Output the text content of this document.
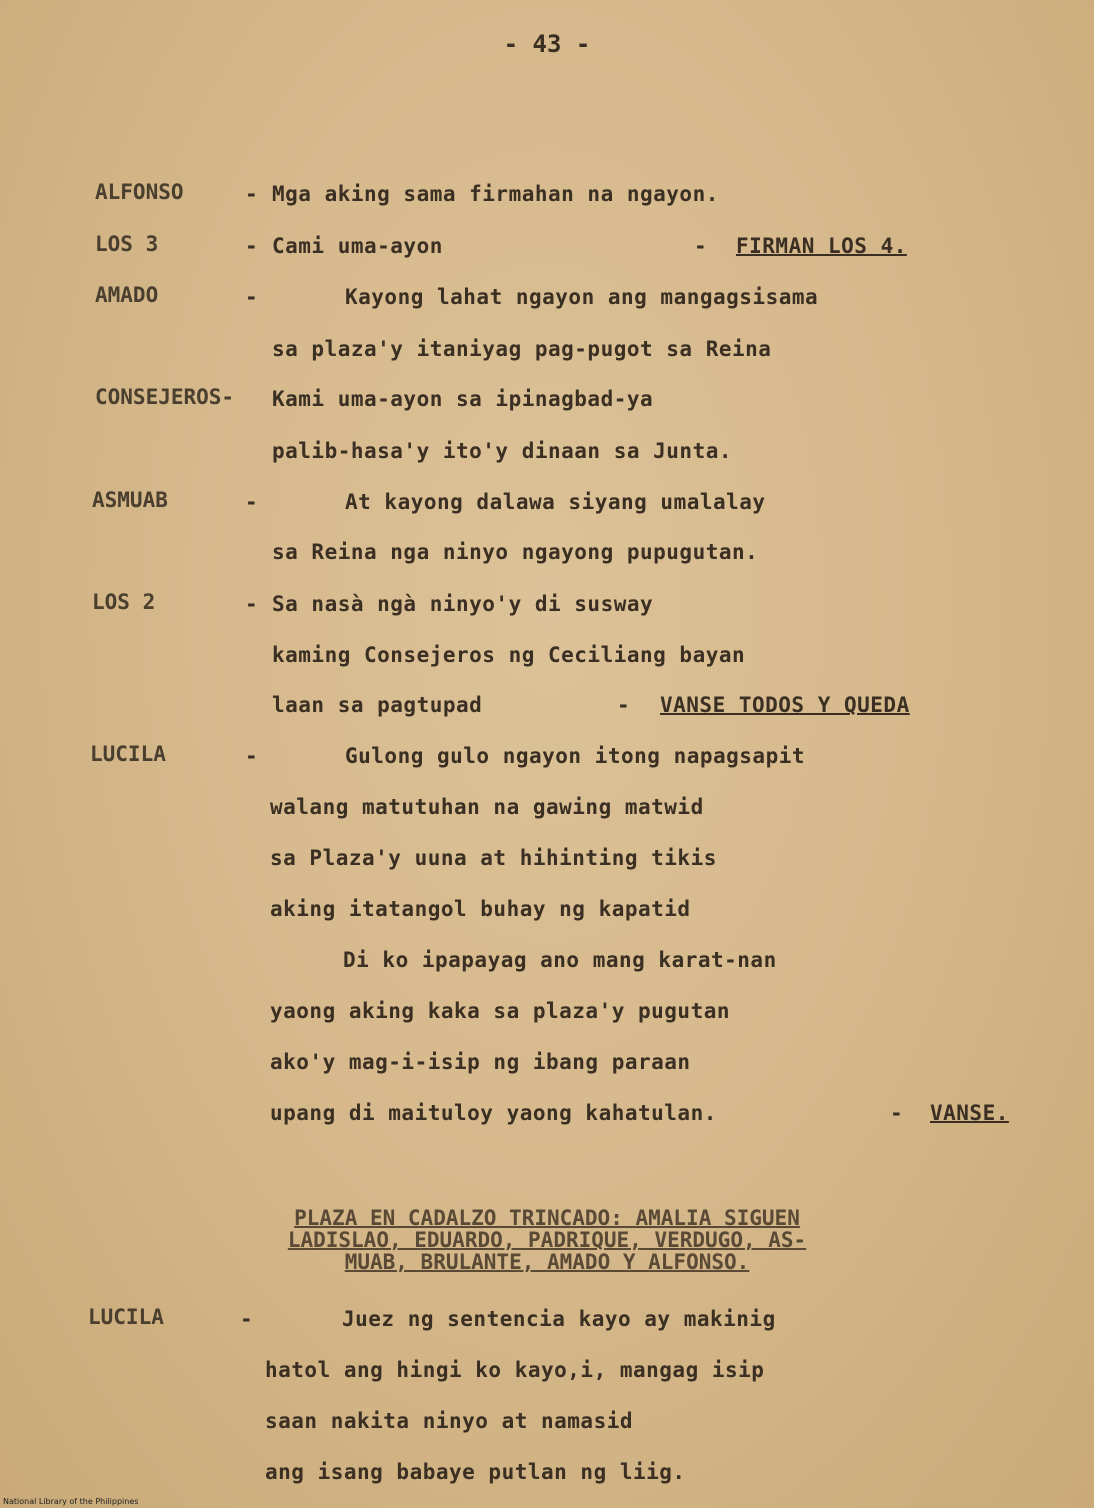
- 43 -
ALFONSO	- Mga aking sama firmahan na ngayon.
LOS 3	- Cami uma-ayon	- FIRMAN LOS 4.
AMADO	-	Kayong lahat ngayon ang mangagsisama
sa plaza'y itaniyag pag-pugot sa Reina
CONSEJEROS- Kami uma-ayon sa ipinagbad-ya
palib-hasa'y ito'y dinaan sa Junta.
ASMUAB	-	At kayong dalawa siyang umalalay
sa Reina nga ninyo ngayong pupugutan.
LOS 2	- Sa nasà ngà ninyo'y di susway
kaming Consejeros ng Ceciliang bayan
laan sa pagtupad	- VANSE TODOS Y QUEDA
LUCILA	-	Gulong gulo ngayon itong napagsapit
walang matutuhan na gawing matwid
sa Plaza'y uuna at hihinting tikis
aking itatangol buhay ng kapatid
Di ko ipapayag ano mang karat-nan
yaong aking kaka sa plaza'y pugutan
ako'y mag-i-isip ng ibang paraan
upang di maituloy yaong kahatulan.	- VANSE.
PLAZA EN CADALZO TRINCADO: AMALIA SIGUEN
LADISLAO, EDUARDO, PADRIQUE, VERDUGO, AS-
MUAB, BRULANTE, AMADO Y ALFONSO.
LUCILA	-	Juez ng sentencia kayo ay makinig
hatol ang hingi ko kayo,i, mangag isip
saan nakita ninyo at namasid
ang isang babaye putlan ng liig.
National Library of the Philippines
